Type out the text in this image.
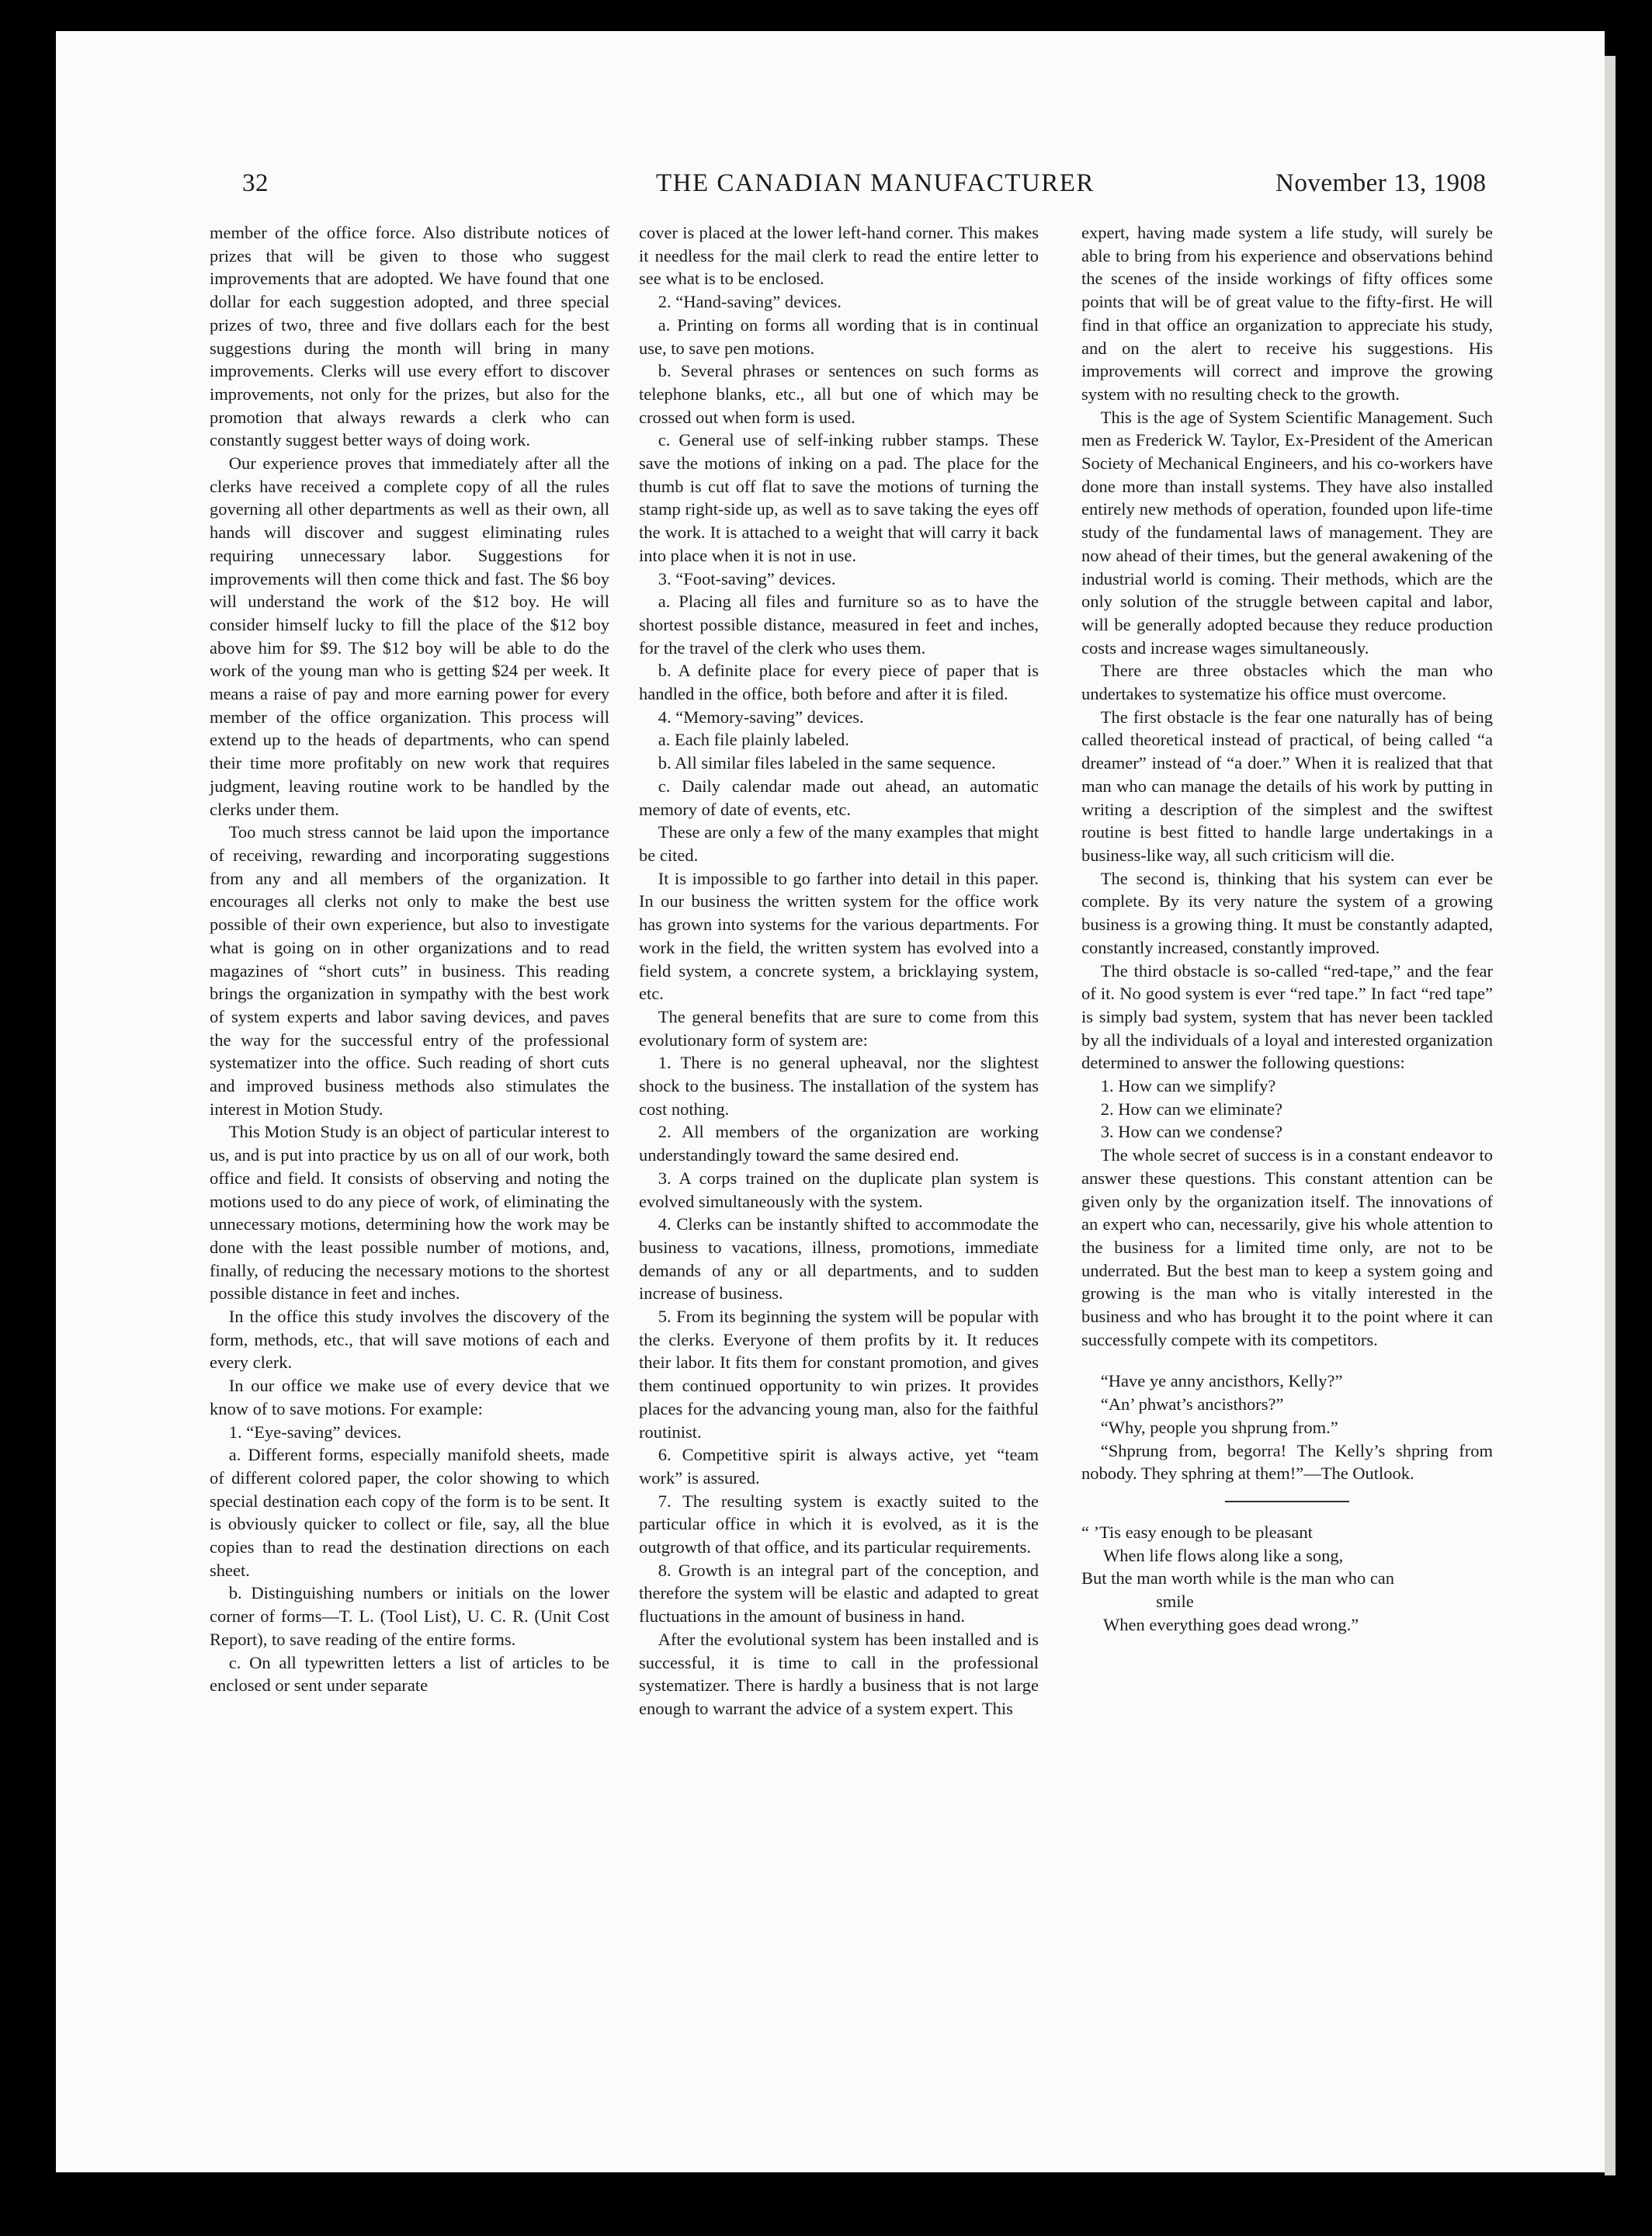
32	THE CANADIAN MANUFACTURER	November 13, 1908

member of the office force. Also distribute notices of prizes that will be given to those who suggest improvements that are adopted. We have found that one dollar for each suggestion adopted, and three special prizes of two, three and five dollars each for the best suggestions during the month will bring in many improvements. Clerks will use every effort to discover improvements, not only for the prizes, but also for the promotion that always rewards a clerk who can constantly suggest better ways of doing work.

Our experience proves that immediately after all the clerks have received a complete copy of all the rules governing all other departments as well as their own, all hands will discover and suggest eliminating rules requiring unnecessary labor. Suggestions for improvements will then come thick and fast. The $6 boy will understand the work of the $12 boy. He will consider himself lucky to fill the place of the $12 boy above him for $9. The $12 boy will be able to do the work of the young man who is getting $24 per week. It means a raise of pay and more earning power for every member of the office organization. This process will extend up to the heads of departments, who can spend their time more profitably on new work that requires judgment, leaving routine work to be handled by the clerks under them.

Too much stress cannot be laid upon the importance of receiving, rewarding and incorporating suggestions from any and all members of the organization. It encourages all clerks not only to make the best use possible of their own experience, but also to investigate what is going on in other organizations and to read magazines of “short cuts” in business. This reading brings the organization in sympathy with the best work of system experts and labor saving devices, and paves the way for the successful entry of the professional systematizer into the office. Such reading of short cuts and improved business methods also stimulates the interest in Motion Study.

This Motion Study is an object of particular interest to us, and is put into practice by us on all of our work, both office and field. It consists of observing and noting the motions used to do any piece of work, of eliminating the unnecessary motions, determining how the work may be done with the least possible number of motions, and, finally, of reducing the necessary motions to the shortest possible distance in feet and inches.

In the office this study involves the discovery of the form, methods, etc., that will save motions of each and every clerk.

In our office we make use of every device that we know of to save motions. For example:

1. “Eye-saving” devices.

a. Different forms, especially manifold sheets, made of different colored paper, the color showing to which special destination each copy of the form is to be sent. It is obviously quicker to collect or file, say, all the blue copies than to read the destination directions on each sheet.

b. Distinguishing numbers or initials on the lower corner of forms—T. L. (Tool List), U. C. R. (Unit Cost Report), to save reading of the entire forms.

c. On all typewritten letters a list of articles to be enclosed or sent under separate

cover is placed at the lower left-hand corner. This makes it needless for the mail clerk to read the entire letter to see what is to be enclosed.

2. “Hand-saving” devices.

a. Printing on forms all wording that is in continual use, to save pen motions.

b. Several phrases or sentences on such forms as telephone blanks, etc., all but one of which may be crossed out when form is used.

c. General use of self-inking rubber stamps. These save the motions of inking on a pad. The place for the thumb is cut off flat to save the motions of turning the stamp right-side up, as well as to save taking the eyes off the work. It is attached to a weight that will carry it back into place when it is not in use.

3. “Foot-saving” devices.

a. Placing all files and furniture so as to have the shortest possible distance, measured in feet and inches, for the travel of the clerk who uses them.

b. A definite place for every piece of paper that is handled in the office, both before and after it is filed.

4. “Memory-saving” devices.

a. Each file plainly labeled.

b. All similar files labeled in the same sequence.

c. Daily calendar made out ahead, an automatic memory of date of events, etc.

These are only a few of the many examples that might be cited.

It is impossible to go farther into detail in this paper. In our business the written system for the office work has grown into systems for the various departments. For work in the field, the written system has evolved into a field system, a concrete system, a bricklaying system, etc.

The general benefits that are sure to come from this evolutionary form of system are:

1. There is no general upheaval, nor the slightest shock to the business. The installation of the system has cost nothing.

2. All members of the organization are working understandingly toward the same desired end.

3. A corps trained on the duplicate plan system is evolved simultaneously with the system.

4. Clerks can be instantly shifted to accommodate the business to vacations, illness, promotions, immediate demands of any or all departments, and to sudden increase of business.

5. From its beginning the system will be popular with the clerks. Everyone of them profits by it. It reduces their labor. It fits them for constant promotion, and gives them continued opportunity to win prizes. It provides places for the advancing young man, also for the faithful routinist.

6. Competitive spirit is always active, yet “team work” is assured.

7. The resulting system is exactly suited to the particular office in which it is evolved, as it is the outgrowth of that office, and its particular requirements.

8. Growth is an integral part of the conception, and therefore the system will be elastic and adapted to great fluctuations in the amount of business in hand.

After the evolutional system has been installed and is successful, it is time to call in the professional systematizer. There is hardly a business that is not large enough to warrant the advice of a system expert. This

expert, having made system a life study, will surely be able to bring from his experience and observations behind the scenes of the inside workings of fifty offices some points that will be of great value to the fifty-first. He will find in that office an organization to appreciate his study, and on the alert to receive his suggestions. His improvements will correct and improve the growing system with no resulting check to the growth.

This is the age of System Scientific Management. Such men as Frederick W. Taylor, Ex-President of the American Society of Mechanical Engineers, and his co-workers have done more than install systems. They have also installed entirely new methods of operation, founded upon life-time study of the fundamental laws of management. They are now ahead of their times, but the general awakening of the industrial world is coming. Their methods, which are the only solution of the struggle between capital and labor, will be generally adopted because they reduce production costs and increase wages simultaneously.

There are three obstacles which the man who undertakes to systematize his office must overcome.

The first obstacle is the fear one naturally has of being called theoretical instead of practical, of being called “a dreamer” instead of “a doer.” When it is realized that that man who can manage the details of his work by putting in writing a description of the simplest and the swiftest routine is best fitted to handle large undertakings in a business-like way, all such criticism will die.

The second is, thinking that his system can ever be complete. By its very nature the system of a growing business is a growing thing. It must be constantly adapted, constantly increased, constantly improved.

The third obstacle is so-called “red-tape,” and the fear of it. No good system is ever “red tape.” In fact “red tape” is simply bad system, system that has never been tackled by all the individuals of a loyal and interested organization determined to answer the following questions:

1. How can we simplify?

2. How can we eliminate?

3. How can we condense?

The whole secret of success is in a constant endeavor to answer these questions. This constant attention can be given only by the organization itself. The innovations of an expert who can, necessarily, give his whole attention to the business for a limited time only, are not to be underrated. But the best man to keep a system going and growing is the man who is vitally interested in the business and who has brought it to the point where it can successfully compete with its competitors.

“Have ye anny ancisthors, Kelly?”

“An’ phwat’s ancisthors?”

“Why, people you shprung from.”

“Shprung from, begorra! The Kelly’s shpring from nobody. They sphring at them!”—The Outlook.

“ ’Tis easy enough to be pleasant

When life flows along like a song,

But the man worth while is the man who can

smile

When everything goes dead wrong.”
